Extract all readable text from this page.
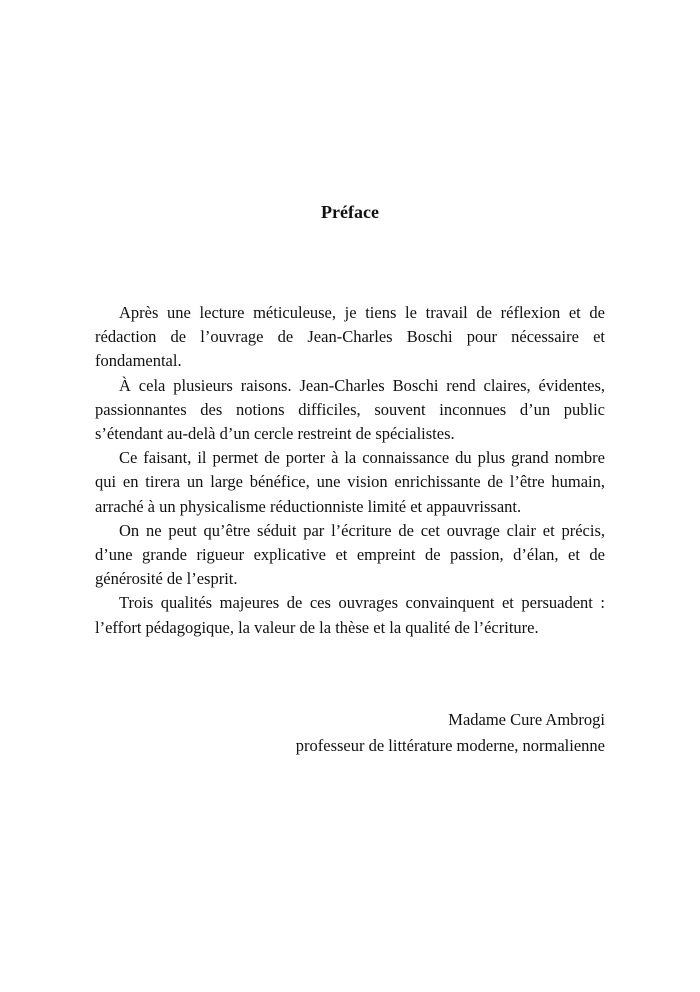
Préface

Après une lecture méticuleuse, je tiens le travail de réflexion et de rédaction de l’ouvrage de Jean-Charles Boschi pour nécessaire et fondamental.

À cela plusieurs raisons. Jean-Charles Boschi rend claires, évidentes, passionnantes des notions difficiles, souvent inconnues d’un public s’étendant au-delà d’un cercle restreint de spécialistes.

Ce faisant, il permet de porter à la connaissance du plus grand nombre qui en tirera un large bénéfice, une vision enrichissante de l’être humain, arraché à un physicalisme réductionniste limité et appauvrissant.

On ne peut qu’être séduit par l’écriture de cet ouvrage clair et précis, d’une grande rigueur explicative et empreint de passion, d’élan, et de générosité de l’esprit.

Trois qualités majeures de ces ouvrages convainquent et persuadent : l’effort pédagogique, la valeur de la thèse et la qualité de l’écriture.

Madame Cure Ambrogi
professeur de littérature moderne, normalienne
